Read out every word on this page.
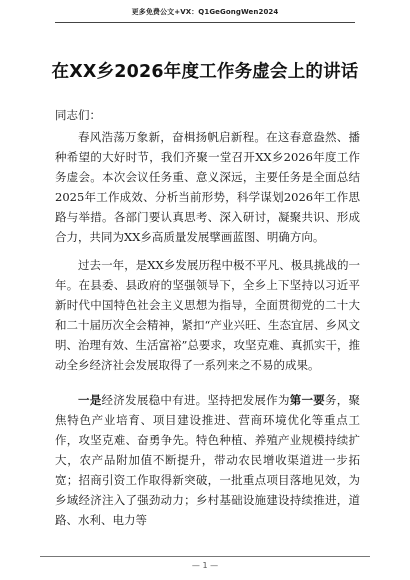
更多免费公文+VX：Q1GeGongWen2024
在XX乡2026年度工作务虚会上的讲话
同志们：

春风浩荡万象新，奋楫扬帆启新程。在这春意盎然、播种希望的大好时节，我们齐聚一堂召开XX乡2026年度工作务虚会。本次会议任务重、意义深远，主要任务是全面总结2025年工作成效、分析当前形势，科学谋划2026年工作思路与举措。各部门要认真思考、深入研讨，凝聚共识、形成合力，共同为XX乡高质量发展擘画蓝图、明确方向。

过去一年，是XX乡发展历程中极不平凡、极具挑战的一年。在县委、县政府的坚强领导下，全乡上下坚持以习近平新时代中国特色社会主义思想为指导，全面贯彻党的二十大和二十届历次全会精神，紧扣“产业兴旺、生态宜居、乡风文明、治理有效、生活富裕”总要求，攻坚克难、真抓实干，推动全乡经济社会发展取得了一系列来之不易的成果。

一是经济发展稳中有进。坚持把发展作为第一要务，聚焦特色产业培育、项目建设推进、营商环境优化等重点工作，攻坚克难、奋勇争先。特色种植、养殖产业规模持续扩大，农产品附加值不断提升，带动农民增收渠道进一步拓宽；招商引资工作取得新突破，一批重点项目落地见效，为乡域经济注入了强劲动力；乡村基础设施建设持续推进，道路、水利、电力等

— 1 —
